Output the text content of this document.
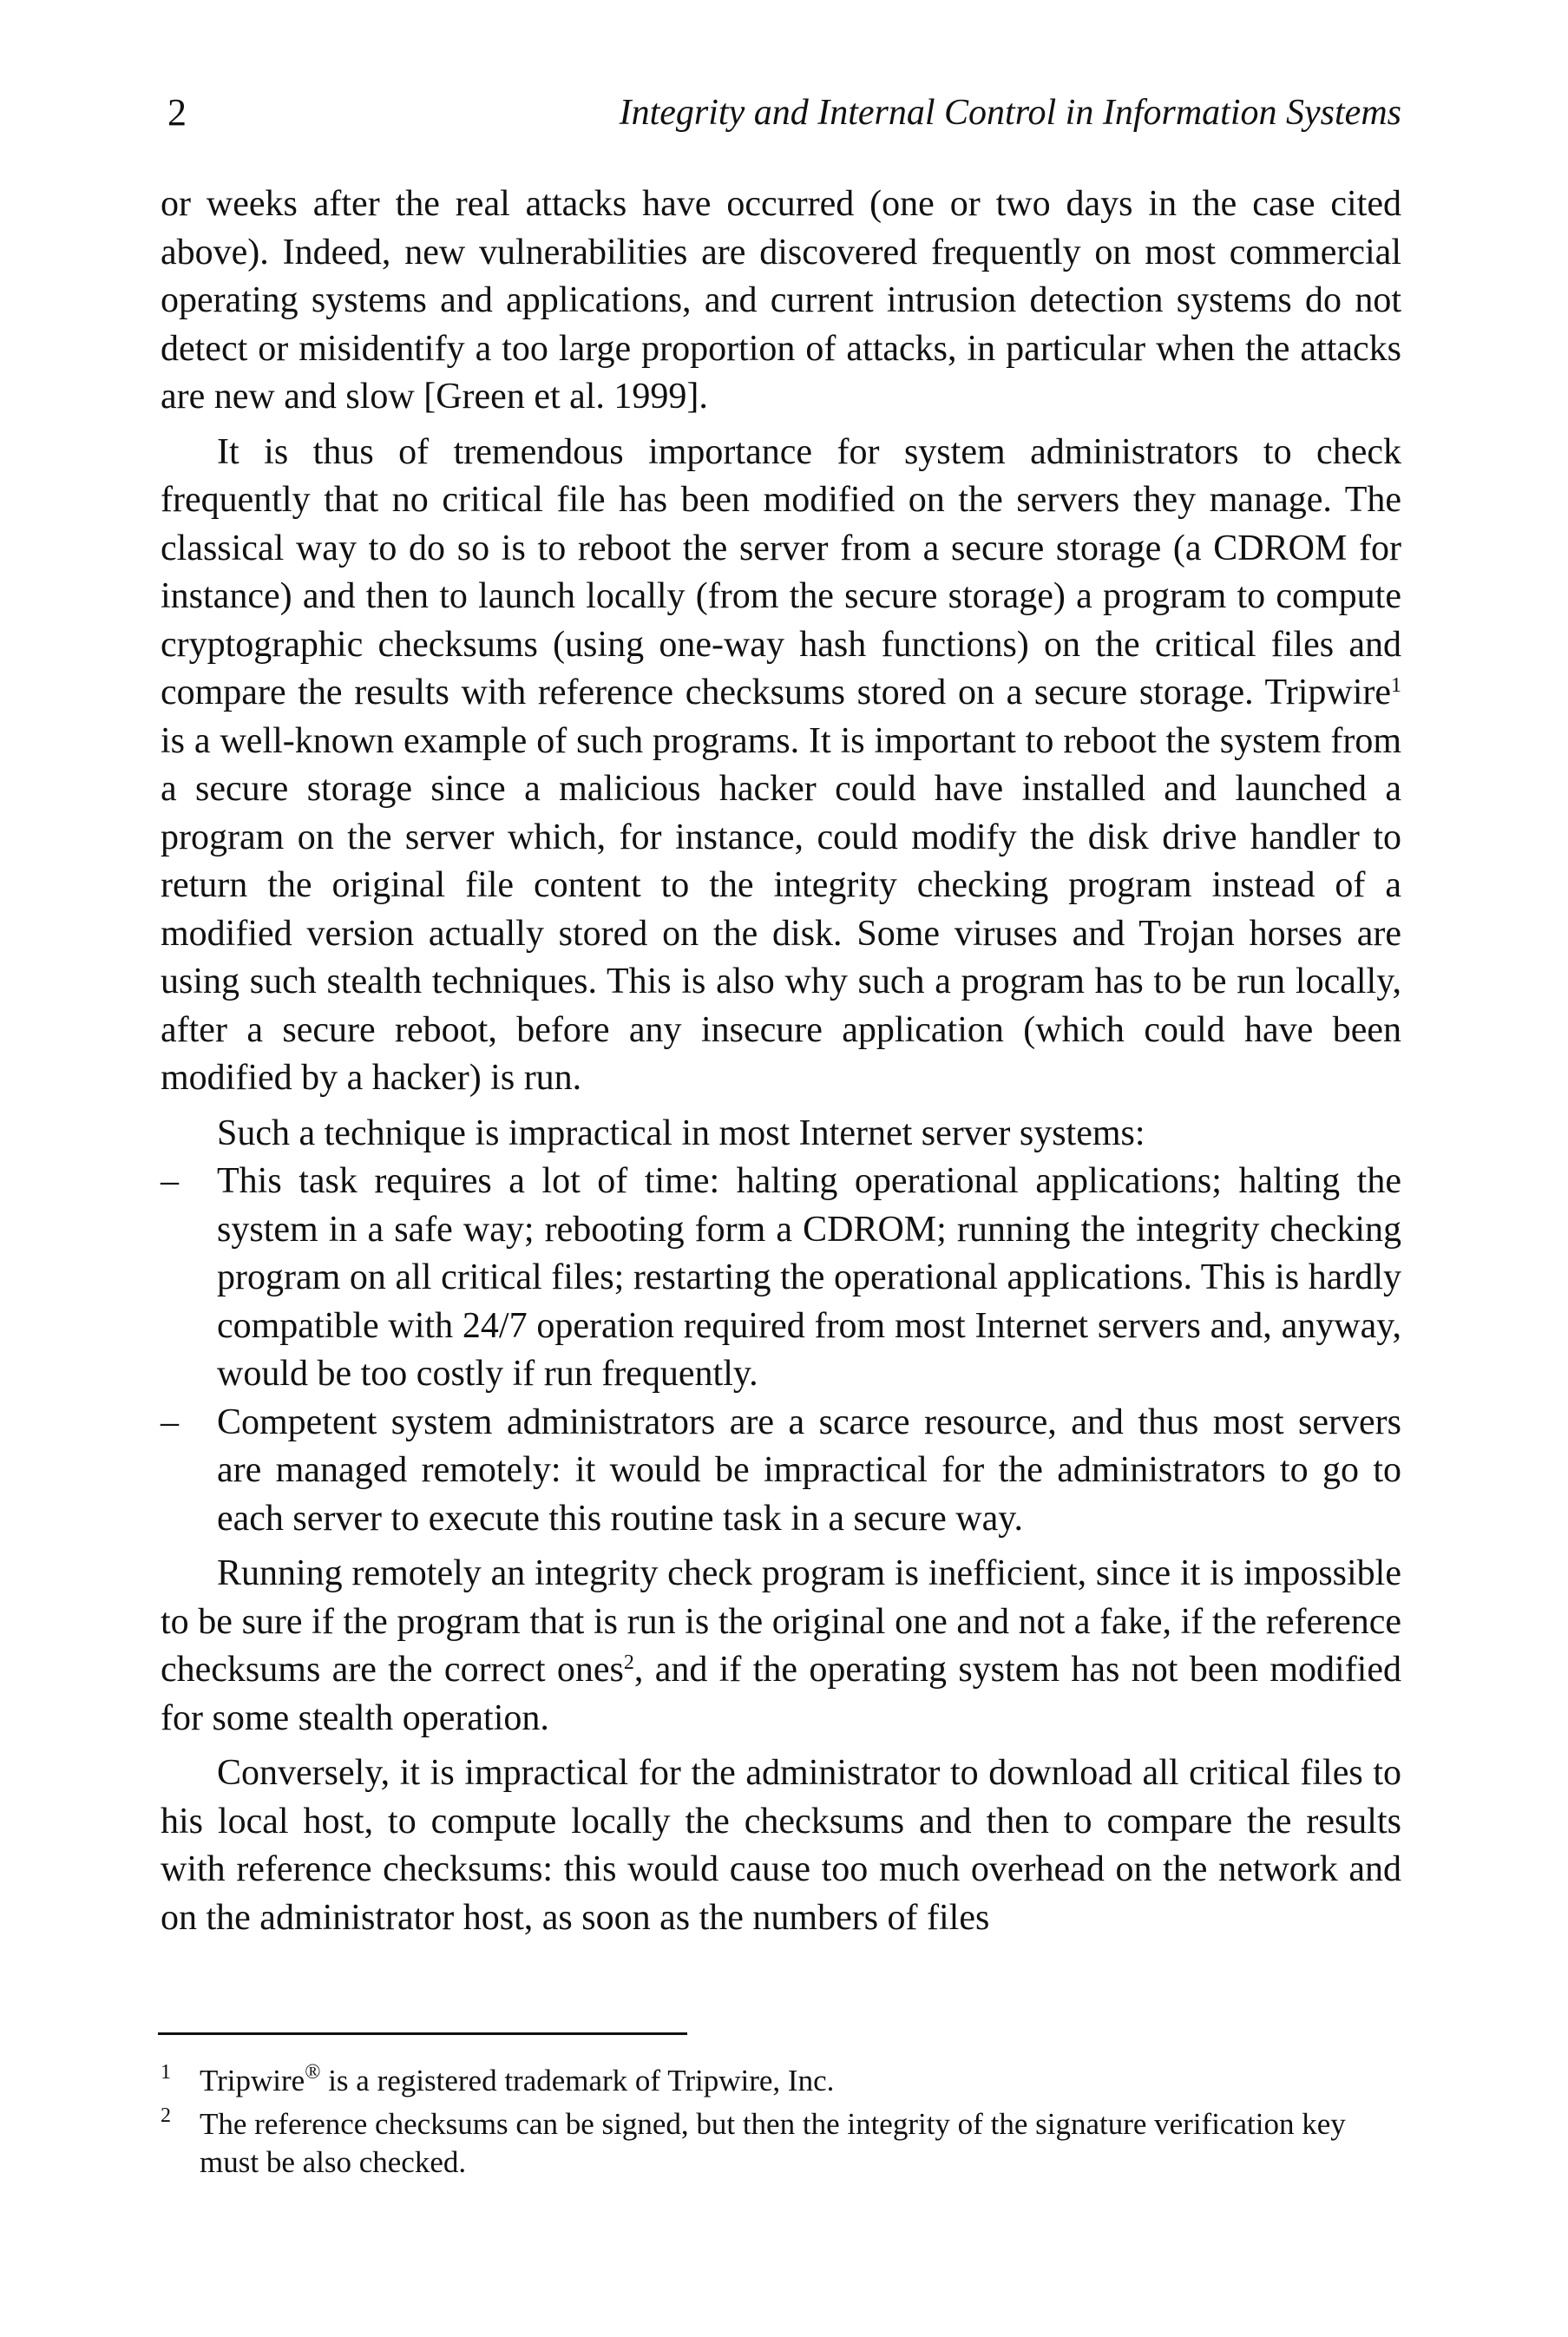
2	Integrity and Internal Control in Information Systems

or weeks after the real attacks have occurred (one or two days in the case cited above). Indeed, new vulnerabilities are discovered frequently on most commercial operating systems and applications, and current intrusion detection systems do not detect or misidentify a too large proportion of attacks, in particular when the attacks are new and slow [Green et al. 1999].

It is thus of tremendous importance for system administrators to check frequently that no critical file has been modified on the servers they manage. The classical way to do so is to reboot the server from a secure storage (a CDROM for instance) and then to launch locally (from the secure storage) a program to compute cryptographic checksums (using one-way hash functions) on the critical files and compare the results with reference checksums stored on a secure storage. Tripwire$^1$ is a well-known example of such programs. It is important to reboot the system from a secure storage since a malicious hacker could have installed and launched a program on the server which, for instance, could modify the disk drive handler to return the original file content to the integrity checking program instead of a modified version actually stored on the disk. Some viruses and Trojan horses are using such stealth techniques. This is also why such a program has to be run locally, after a secure reboot, before any insecure application (which could have been modified by a hacker) is run.

Such a technique is impractical in most Internet server systems:

– This task requires a lot of time: halting operational applications; halting the system in a safe way; rebooting form a CDROM; running the integrity checking program on all critical files; restarting the operational applications. This is hardly compatible with 24/7 operation required from most Internet servers and, anyway, would be too costly if run frequently.
– Competent system administrators are a scarce resource, and thus most servers are managed remotely: it would be impractical for the administrators to go to each server to execute this routine task in a secure way.

Running remotely an integrity check program is inefficient, since it is impossible to be sure if the program that is run is the original one and not a fake, if the reference checksums are the correct ones$^2$, and if the operating system has not been modified for some stealth operation.

Conversely, it is impractical for the administrator to download all critical files to his local host, to compute locally the checksums and then to compare the results with reference checksums: this would cause too much overhead on the network and on the administrator host, as soon as the numbers of files

1 Tripwire® is a registered trademark of Tripwire, Inc.

2 The reference checksums can be signed, but then the integrity of the signature verification key must be also checked.
